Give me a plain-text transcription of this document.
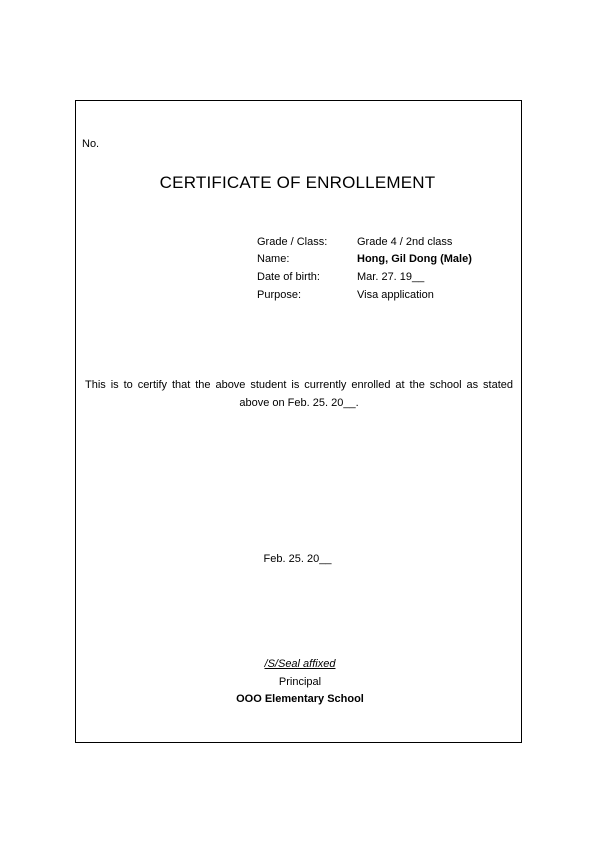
No.
CERTIFICATE OF ENROLLEMENT
Grade / Class:	Grade 4 / 2nd class
Name:	Hong, Gil Dong (Male)
Date of birth:	Mar. 27. 19__
Purpose:	Visa application
This is to certify that the above student is currently enrolled at the school as stated above on Feb. 25. 20__.
Feb. 25. 20__
/S/Seal affixed
Principal
OOO Elementary School
